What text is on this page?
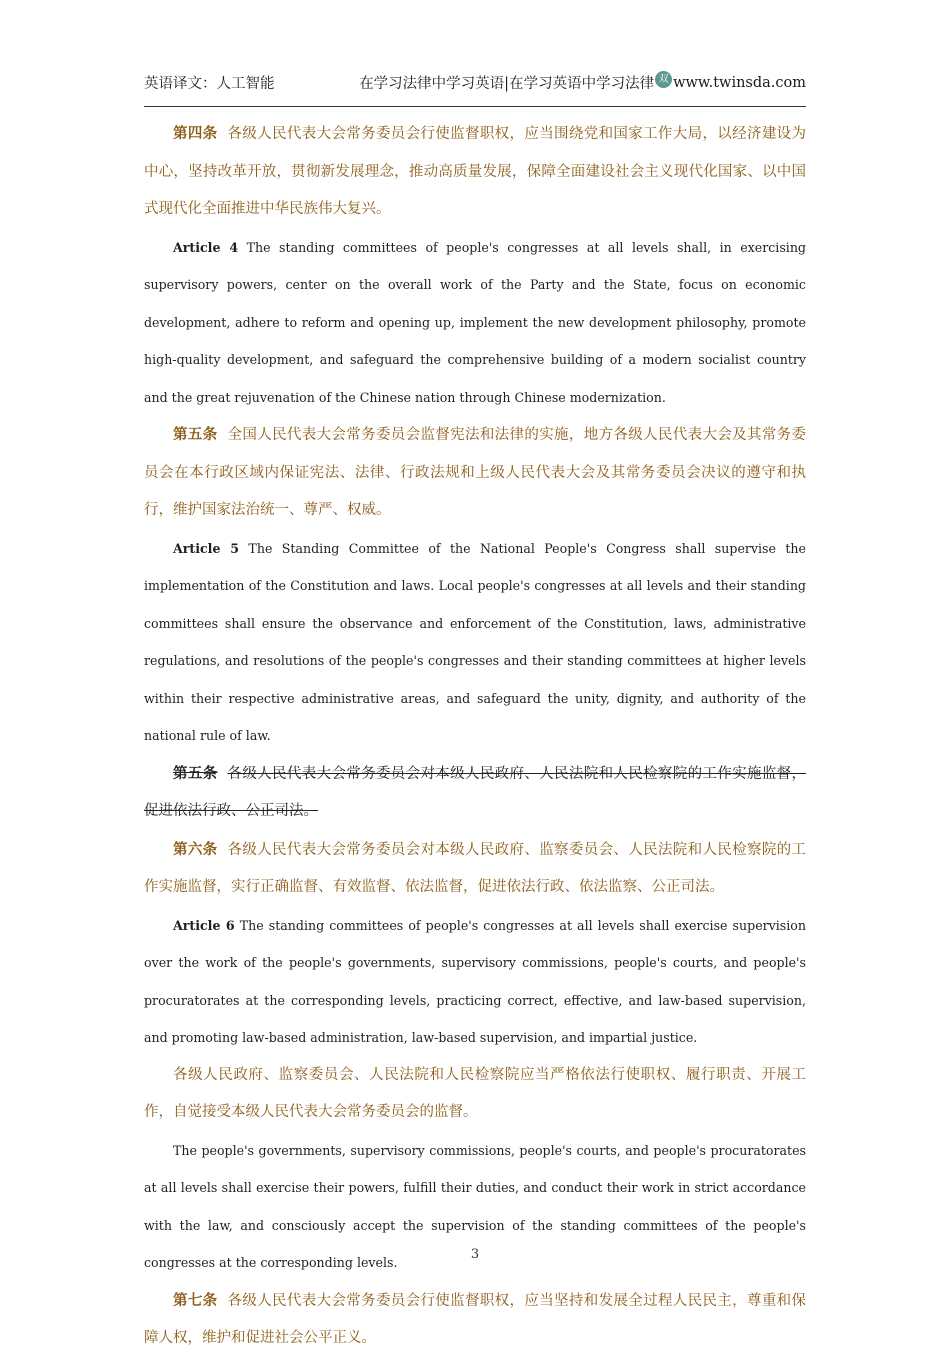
英语译文：人工智能	在学习法律中学习英语|在学习英语中学习法律 双 www.twinsda.com

第四条 各级人民代表大会常务委员会行使监督职权，应当围绕党和国家工作大局，以经济建设为中心，坚持改革开放，贯彻新发展理念，推动高质量发展，保障全面建设社会主义现代化国家、以中国式现代化全面推进中华民族伟大复兴。

Article 4 The standing committees of people's congresses at all levels shall, in exercising supervisory powers, center on the overall work of the Party and the State, focus on economic development, adhere to reform and opening up, implement the new development philosophy, promote high-quality development, and safeguard the comprehensive building of a modern socialist country and the great rejuvenation of the Chinese nation through Chinese modernization.

第五条 全国人民代表大会常务委员会监督宪法和法律的实施，地方各级人民代表大会及其常务委员会在本行政区域内保证宪法、法律、行政法规和上级人民代表大会及其常务委员会决议的遵守和执行，维护国家法治统一、尊严、权威。

Article 5 The Standing Committee of the National People's Congress shall supervise the implementation of the Constitution and laws. Local people's congresses at all levels and their standing committees shall ensure the observance and enforcement of the Constitution, laws, administrative regulations, and resolutions of the people's congresses and their standing committees at higher levels within their respective administrative areas, and safeguard the unity, dignity, and authority of the national rule of law.

第五条 各级人民代表大会常务委员会对本级人民政府、人民法院和人民检察院的工作实施监督，促进依法行政、公正司法。

第六条 各级人民代表大会常务委员会对本级人民政府、监察委员会、人民法院和人民检察院的工作实施监督，实行正确监督、有效监督、依法监督，促进依法行政、依法监察、公正司法。

Article 6 The standing committees of people's congresses at all levels shall exercise supervision over the work of the people's governments, supervisory commissions, people's courts, and people's procuratorates at the corresponding levels, practicing correct, effective, and law-based supervision, and promoting law-based administration, law-based supervision, and impartial justice.

各级人民政府、监察委员会、人民法院和人民检察院应当严格依法行使职权、履行职责、开展工作，自觉接受本级人民代表大会常务委员会的监督。

The people's governments, supervisory commissions, people's courts, and people's procuratorates at all levels shall exercise their powers, fulfill their duties, and conduct their work in strict accordance with the law, and consciously accept the supervision of the standing committees of the people's congresses at the corresponding levels.

第七条 各级人民代表大会常务委员会行使监督职权，应当坚持和发展全过程人民民主，尊重和保障人权，维护和促进社会公平正义。

3
